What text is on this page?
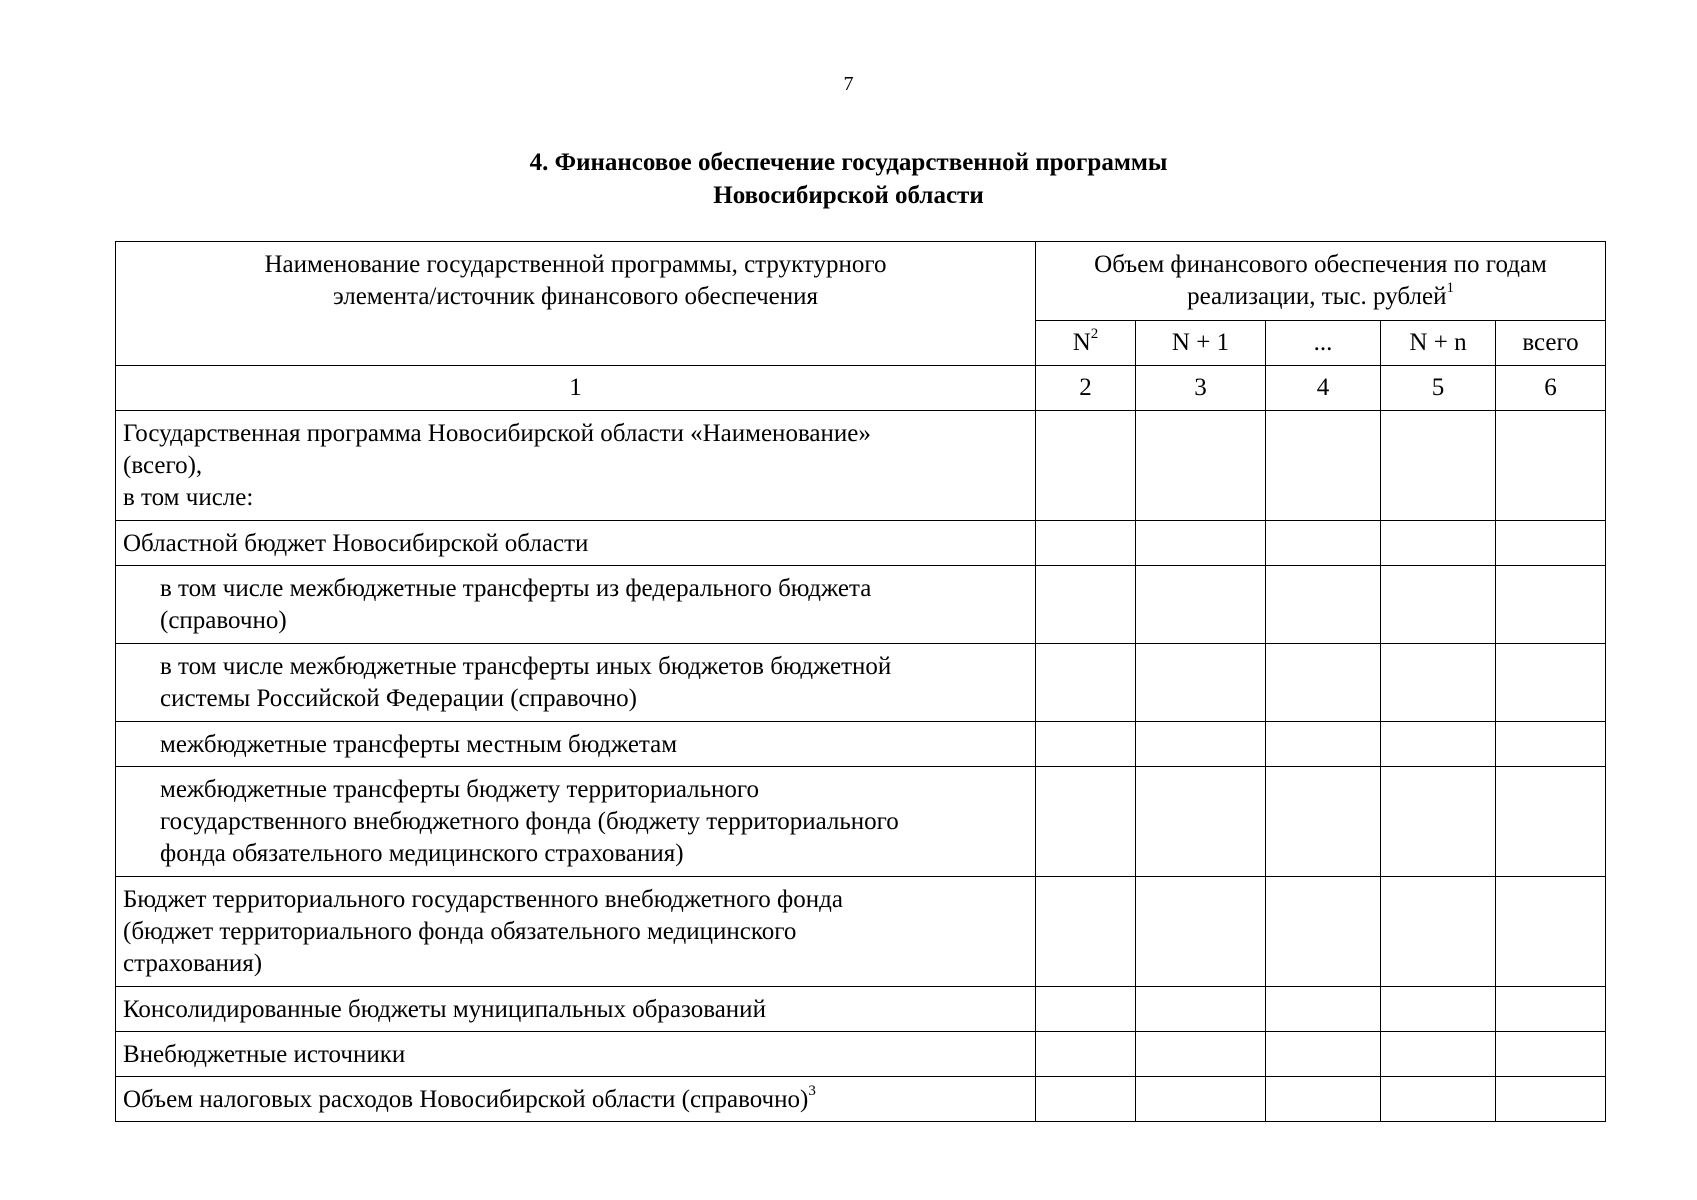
7
4. Финансовое обеспечение государственной программы
Новосибирской области
Наименование государственной программы, структурного
элемента/источник финансового обеспечения	Объем финансового обеспечения по годам
реализации, тыс. рублей$^1$

	$N^2$	N + 1	...	N + n	всего
1	2	3	4	5	6

Государственная программа Новосибирской области «Наименование»
(всего),
в том числе:					

Областной бюджет Новосибирской области					

в том числе межбюджетные трансферты из федерального бюджета
(справочно)					

в том числе межбюджетные трансферты иных бюджетов бюджетной
системы Российской Федерации (справочно)					

межбюджетные трансферты местным бюджетам					

межбюджетные трансферты бюджету территориального
государственного внебюджетного фонда (бюджету территориального
фонда обязательного медицинского страхования)					

Бюджет территориального государственного внебюджетного фонда
(бюджет территориального фонда обязательного медицинского
страхования)					

Консолидированные бюджеты муниципальных образований					

Внебюджетные источники					

Объем налоговых расходов Новосибирской области (справочно)$^3$
